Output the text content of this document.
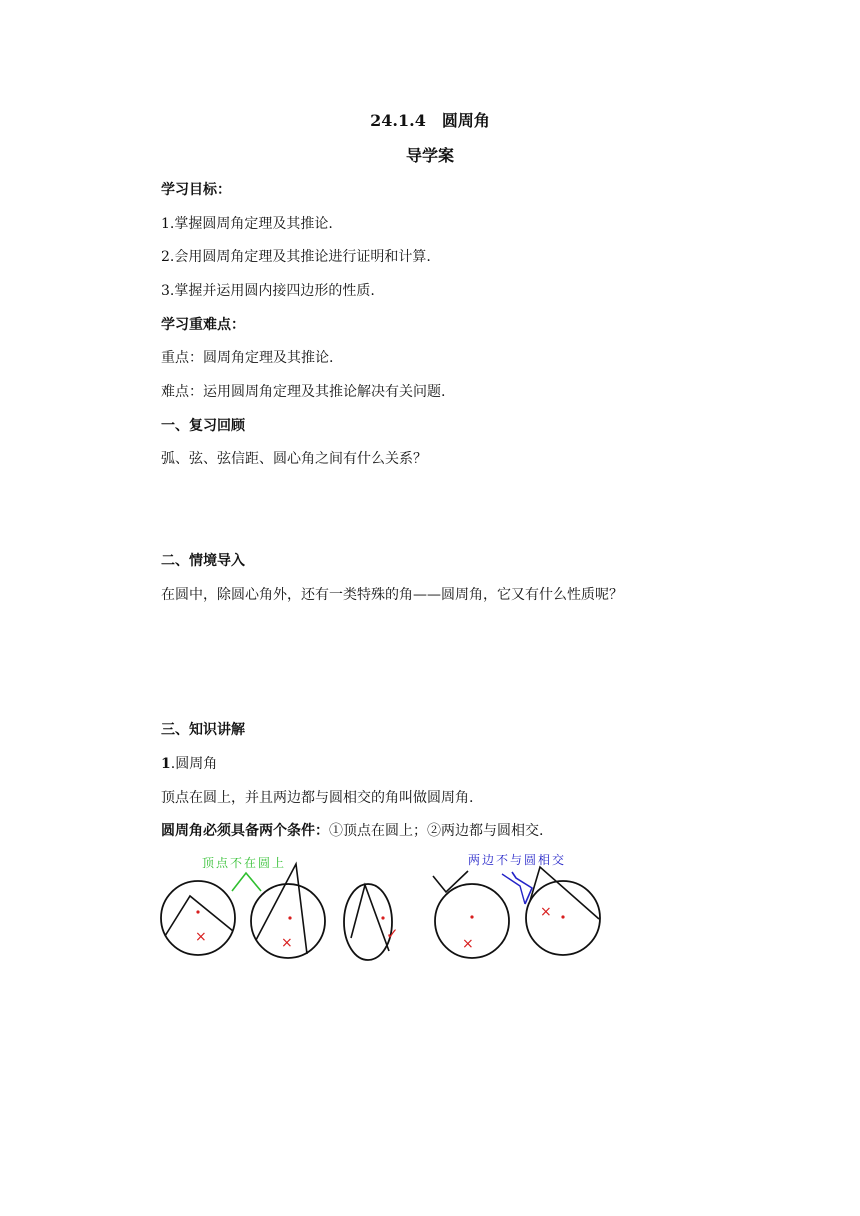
24.1.4　圆周角
导学案
学习目标：
1.掌握圆周角定理及其推论.
2.会用圆周角定理及其推论进行证明和计算.
3.掌握并运用圆内接四边形的性质.
学习重难点：
重点：圆周角定理及其推论.
难点：运用圆周角定理及其推论解决有关问题.
一、复习回顾
弧、弦、弦信距、圆心角之间有什么关系？
二、情境导入
在圆中，除圆心角外，还有一类特殊的角——圆周角，它又有什么性质呢？
三、知识讲解
1.圆周角
顶点在圆上，并且两边都与圆相交的角叫做圆周角.
圆周角必须具备两个条件：①顶点在圆上；②两边都与圆相交.
顶点不在圆上	两边不与圆相交
×	×	✓
×
×
